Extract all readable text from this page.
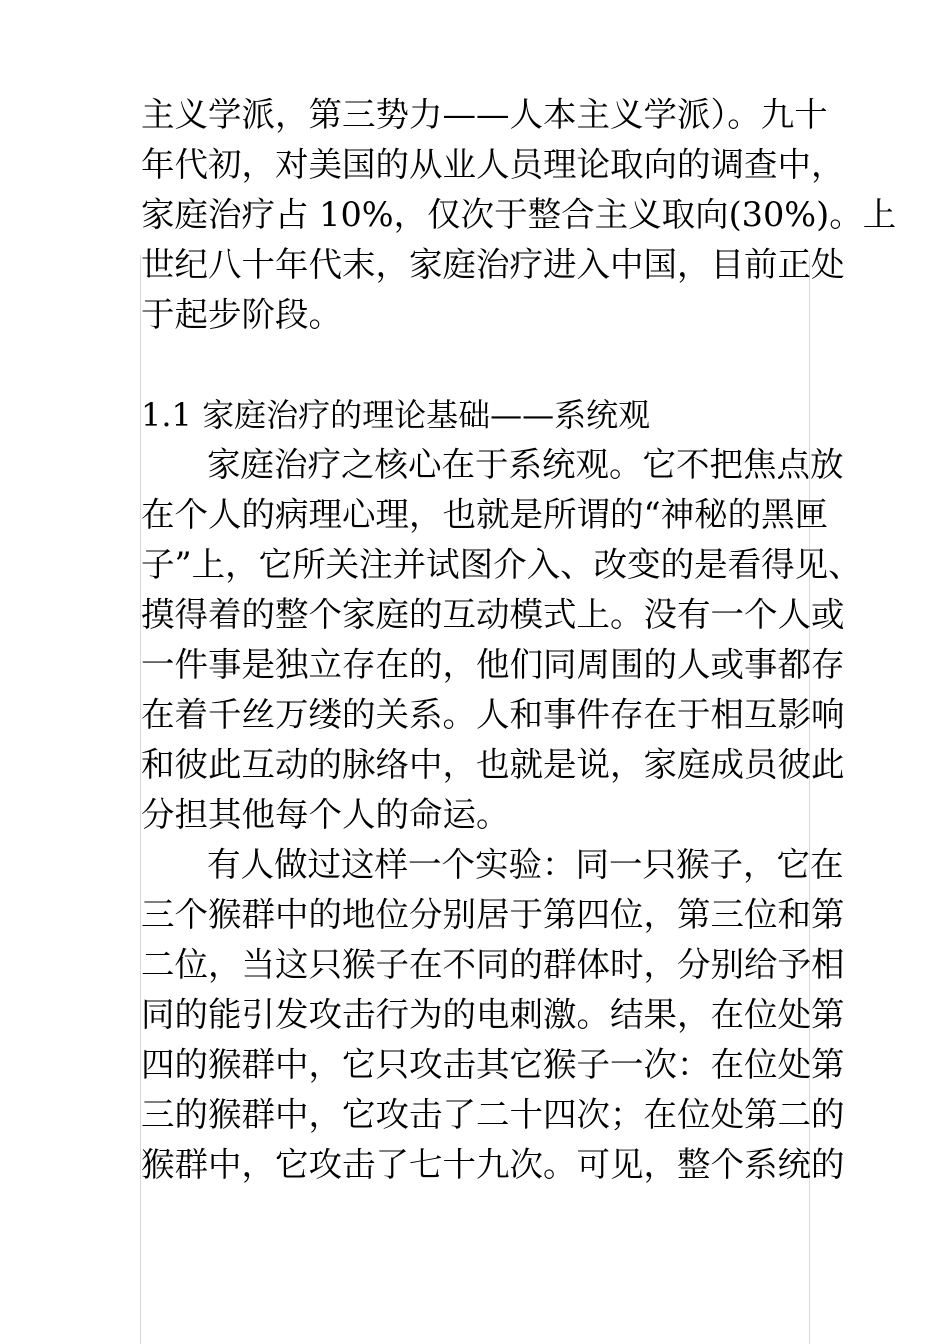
主义学派，第三势力——人本主义学派）。九十
年代初，对美国的从业人员理论取向的调查中，
家庭治疗占 10%，仅次于整合主义取向(30%)。上
世纪八十年代末，家庭治疗进入中国，目前正处
于起步阶段。
1.1 家庭治疗的理论基础——系统观
家庭治疗之核心在于系统观。它不把焦点放
在个人的病理心理，也就是所谓的“神秘的黑匣
子”上，它所关注并试图介入、改变的是看得见、
摸得着的整个家庭的互动模式上。没有一个人或
一件事是独立存在的，他们同周围的人或事都存
在着千丝万缕的关系。人和事件存在于相互影响
和彼此互动的脉络中，也就是说，家庭成员彼此
分担其他每个人的命运。
有人做过这样一个实验：同一只猴子，它在
三个猴群中的地位分别居于第四位，第三位和第
二位，当这只猴子在不同的群体时，分别给予相
同的能引发攻击行为的电刺激。结果，在位处第
四的猴群中，它只攻击其它猴子一次：在位处第
三的猴群中，它攻击了二十四次；在位处第二的
猴群中，它攻击了七十九次。可见，整个系统的
